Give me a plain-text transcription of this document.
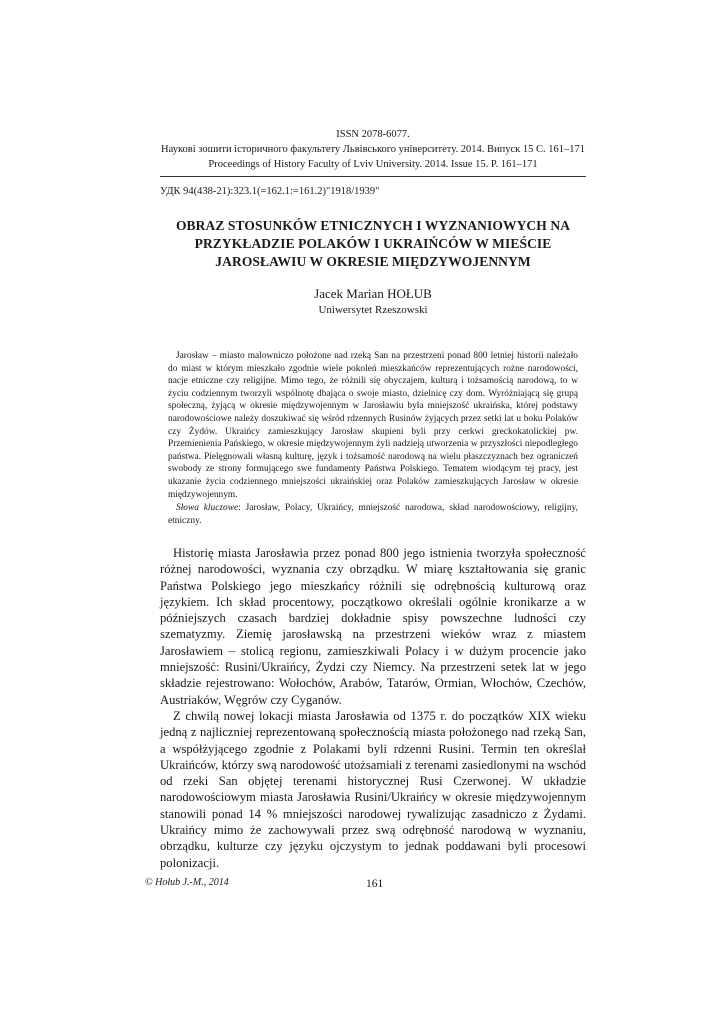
ISSN 2078-6077.
Наукові зошити історичного факультету Львівського університету. 2014. Випуск 15 С. 161–171
Proceedings of History Faculty of Lviv University. 2014. Issue 15. P. 161–171
УДК 94(438-21):323.1(=162.1:=161.2)"1918/1939"
OBRAZ STOSUNKÓW ETNICZNYCH I WYZNANIOWYCH NA
PRZYKŁADZIE POLAKÓW I UKRAIŃCÓW W MIEŚCIE
JAROSŁAWIU W OKRESIE MIĘDZYWOJENNYM
Jacek Marian HOŁUB
Uniwersytet Rzeszowski

Jarosław – miasto malowniczo położone nad rzeką San na przestrzeni ponad 800 letniej historii należało do miast w którym mieszkało zgodnie wiele pokoleń mieszkańców reprezentujących rożne narodowości, nacje etniczne czy religijne. Mimo tego, że różnili się obyczajem, kulturą i tożsamością narodową, to w życiu codziennym tworzyli wspólnotę dbająca o swoje miasto, dzielnicę czy dom. Wyróżniającą się grupą społeczną, żyjącą w okresie międzywojennym w Jarosławiu była mniejszość ukraińska, której podstawy narodowościowe należy doszukiwać się wśród rdzennych Rusinów żyjących przez setki lat u boku Polaków czy Żydów. Ukraińcy zamieszkujący Jarosław skupieni byli przy cerkwi greckokatolickiej pw. Przemienienia Pańskiego, w okresie międzywojennym żyli nadzieją utworzenia w przyszłości niepodległego państwa. Pielęgnowali własną kulturę, język i tożsamość narodową na wielu płaszczyznach bez ograniczeń swobody ze strony formującego swe fundamenty Państwa Polskiego. Tematem wiodącym tej pracy, jest ukazanie życia codziennego mniejszości ukraińskiej oraz Polaków zamieszkujących Jarosław w okresie międzywojennym.

Słowa kluczowe: Jarosław, Polacy, Ukraińcy, mniejszość narodowa, skład narodowościowy, religijny, etniczny.

Historię miasta Jarosławia przez ponad 800 jego istnienia tworzyła społeczność różnej narodowości, wyznania czy obrządku. W miarę kształtowania się granic Państwa Polskiego jego mieszkańcy różnili się odrębnością kulturową oraz językiem. Ich skład procentowy, początkowo określali ogólnie kronikarze a w późniejszych czasach bardziej dokładnie spisy powszechne ludności czy szematyzmy. Ziemię jarosławską na przestrzeni wieków wraz z miastem Jarosławiem – stolicą regionu, zamieszkiwali Polacy i w dużym procencie jako mniejszość: Rusini/Ukraińcy, Żydzi czy Niemcy. Na przestrzeni setek lat w jego składzie rejestrowano: Wołochów, Arabów, Tatarów, Ormian, Włochów, Czechów, Austriaków, Węgrów czy Cyganów.

Z chwilą nowej lokacji miasta Jarosławia od 1375 r. do początków XIX wieku jedną z najliczniej reprezentowaną społecznością miasta położonego nad rzeką San, a współżyjącego zgodnie z Polakami byli rdzenni Rusini. Termin ten określał Ukraińców, którzy swą narodowość utożsamiali z terenami zasiedlonymi na wschód od rzeki San objętej terenami historycznej Rusi Czerwonej. W układzie narodowościowym miasta Jarosławia Rusini/Ukraińcy w okresie międzywojennym stanowili ponad 14 % mniejszości narodowej rywalizując zasadniczo z Żydami. Ukraińcy mimo że zachowywali przez swą odrębność narodową w wyznaniu, obrządku, kulturze czy języku ojczystym to jednak poddawani byli procesowi polonizacji.

© Hołub J.-M., 2014	161
